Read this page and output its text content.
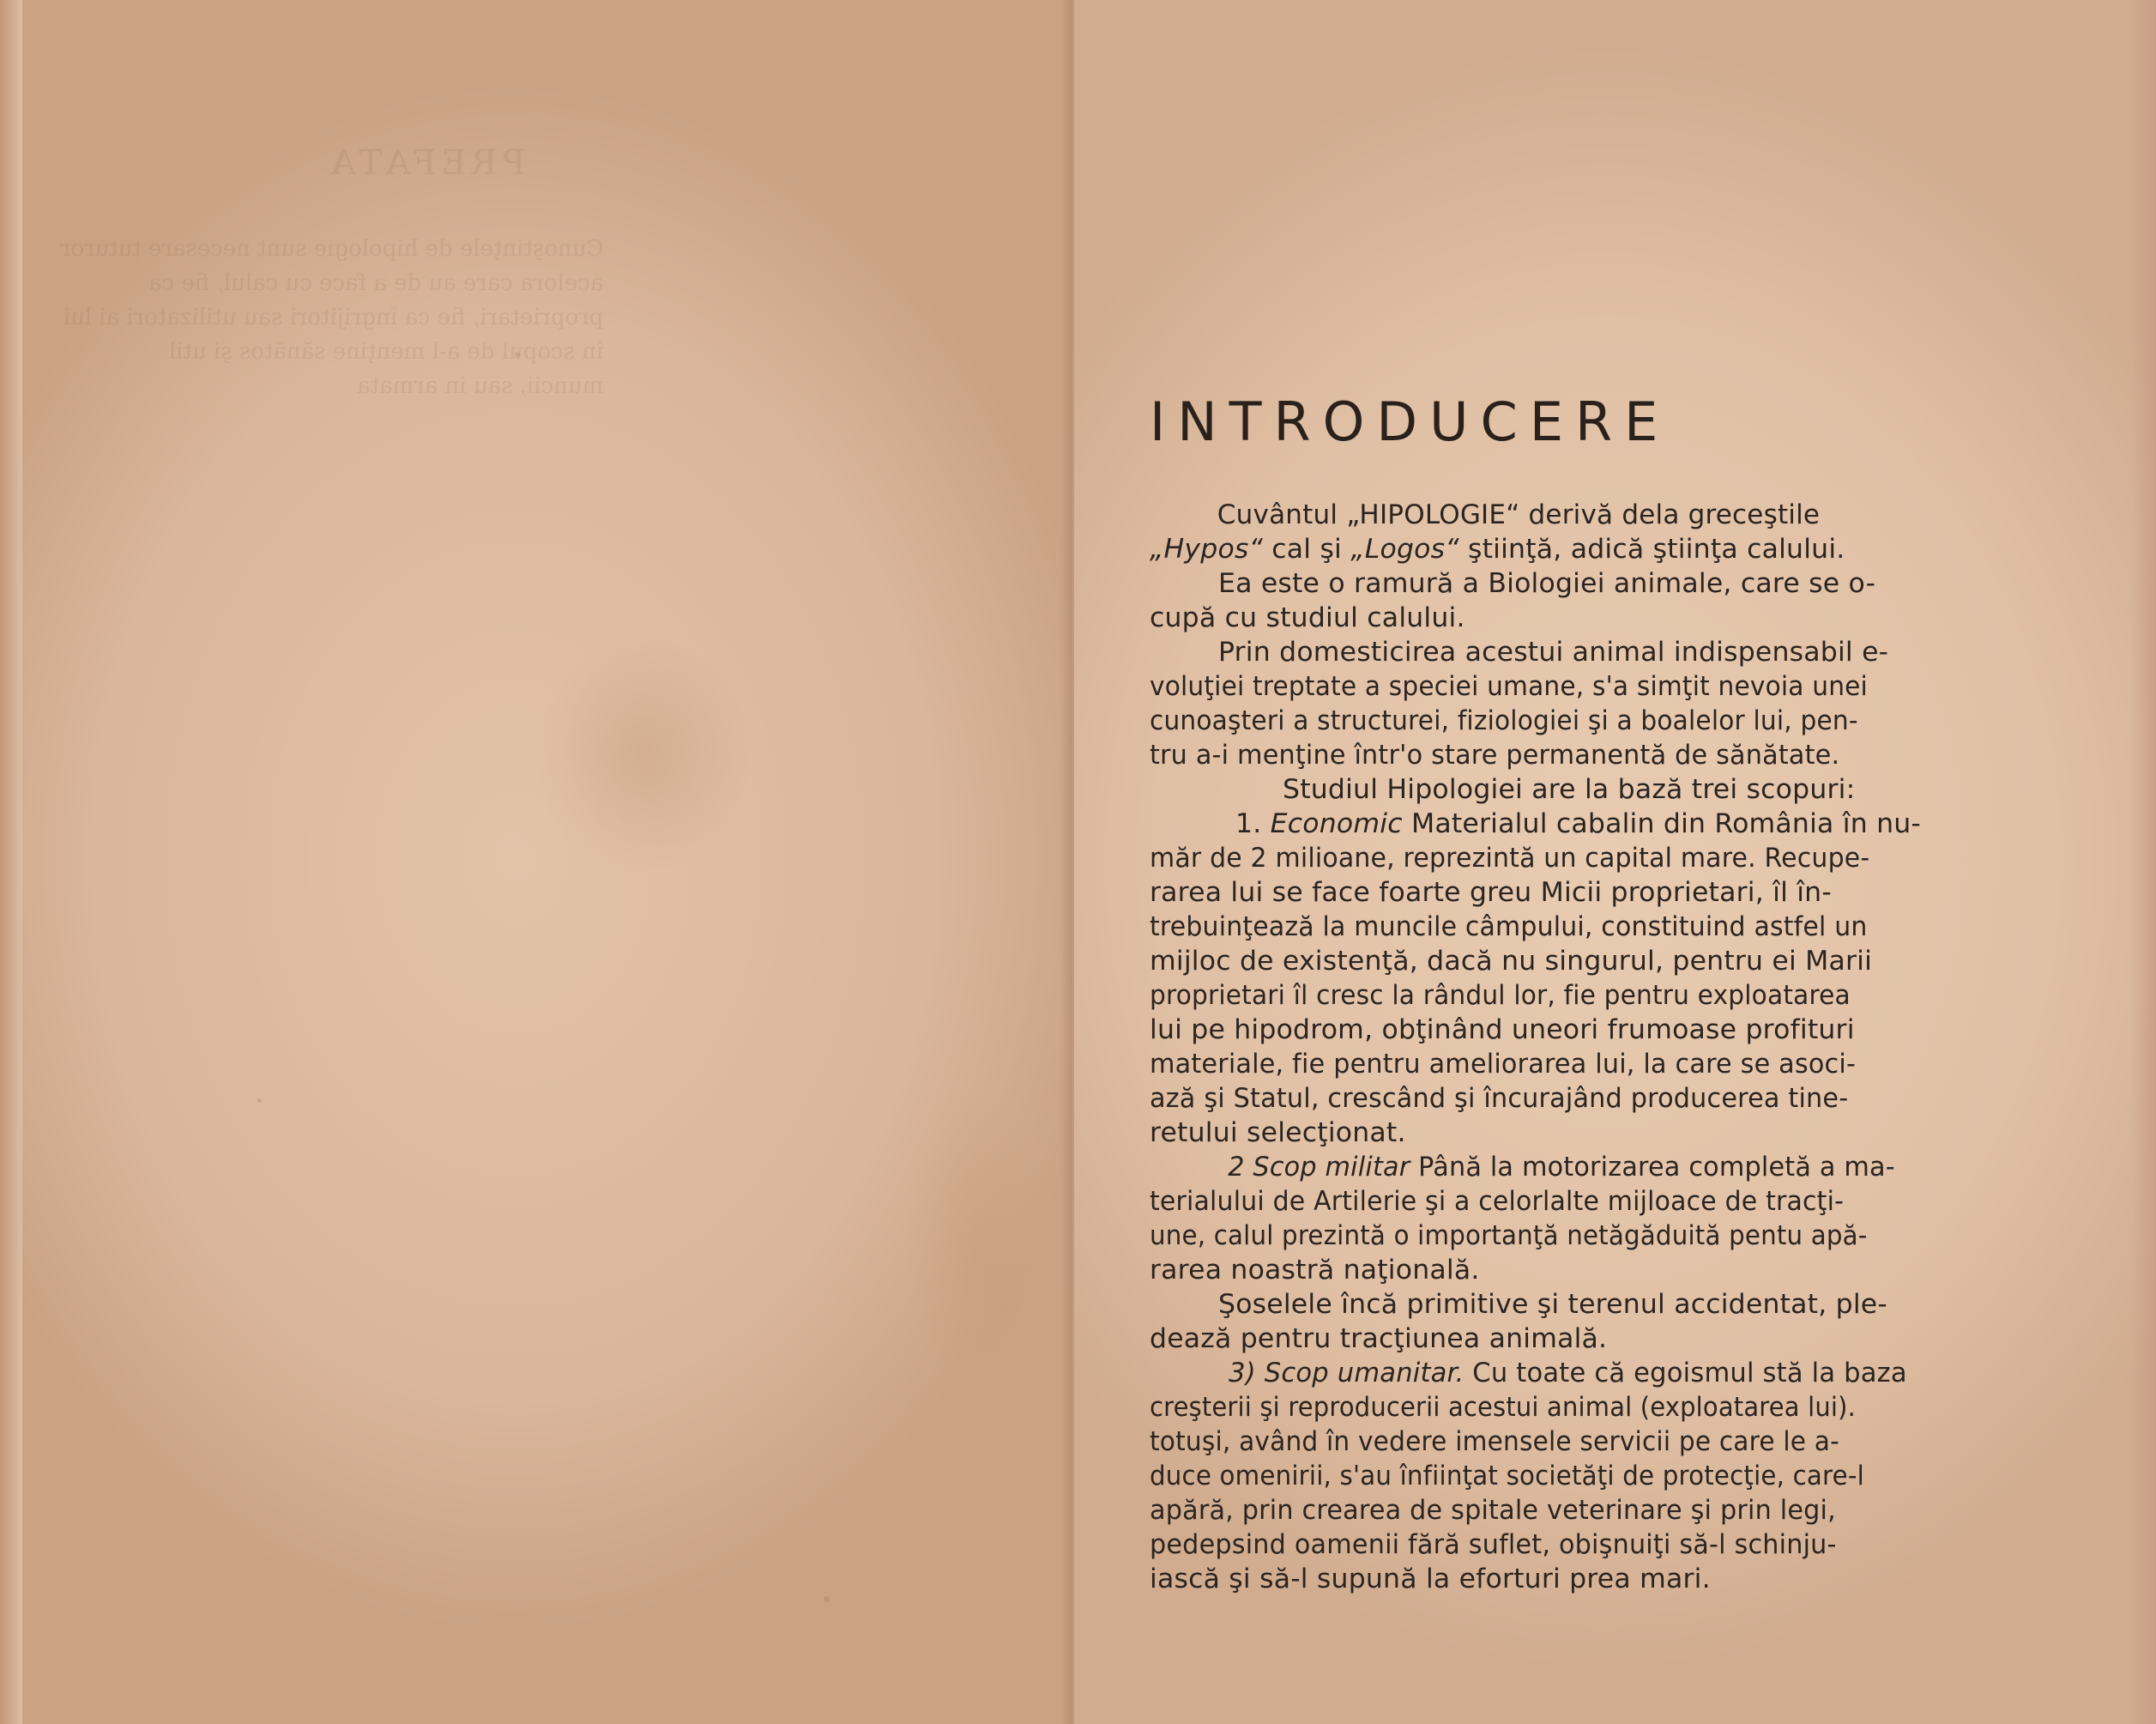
PREFATA
Cunoştinţele de hipologie sunt necesare tuturor
acelora care au de a face cu calul, fie ca
proprietari, fie ca îngrijitori sau utilizatori ai lui
în scopul de a-l menţine sănătos şi util
muncii, sau in armata
INTRODUCERE
Cuvântul „HIPOLOGIE“ derivă dela greceştile
„Hypos“ cal şi „Logos“ ştiinţă, adică ştiinţa calului.
Ea este o ramură a Biologiei animale, care se o-
cupă cu studiul calului.
Prin domesticirea acestui animal indispensabil e-
voluţiei treptate a speciei umane, s'a simţit nevoia unei
cunoaşteri a structurei, fiziologiei şi a boalelor lui, pen-
tru a-i menţine într'o stare permanentă de sănătate.
Studiul Hipologiei are la bază trei scopuri:
1. Economic Materialul cabalin din România în nu-
măr de 2 milioane, reprezintă un capital mare. Recupe-
rarea lui se face foarte greu Micii proprietari, îl în-
trebuinţează la muncile câmpului, constituind astfel un
mijloc de existenţă, dacă nu singurul, pentru ei Marii
proprietari îl cresc la rândul lor, fie pentru exploatarea
lui pe hipodrom, obţinând uneori frumoase profituri
materiale, fie pentru ameliorarea lui, la care se asoci-
ază şi Statul, crescând şi încurajând producerea tine-
retului selecţionat.
2 Scop militar Până la motorizarea completă a ma-
terialului de Artilerie şi a celorlalte mijloace de tracţi-
une, calul prezintă o importanţă netăgăduită pentu apă-
rarea noastră naţională.
Şoselele încă primitive şi terenul accidentat, ple-
dează pentru tracţiunea animală.
3) Scop umanitar. Cu toate că egoismul stă la baza
creşterii şi reproducerii acestui animal (exploatarea lui).
totuşi, având în vedere imensele servicii pe care le a-
duce omenirii, s'au înfiinţat societăţi de protecţie, care-l
apără, prin crearea de spitale veterinare şi prin legi,
pedepsind oamenii fără suflet, obişnuiţi să-l schinju-
iască şi să-l supună la eforturi prea mari.
